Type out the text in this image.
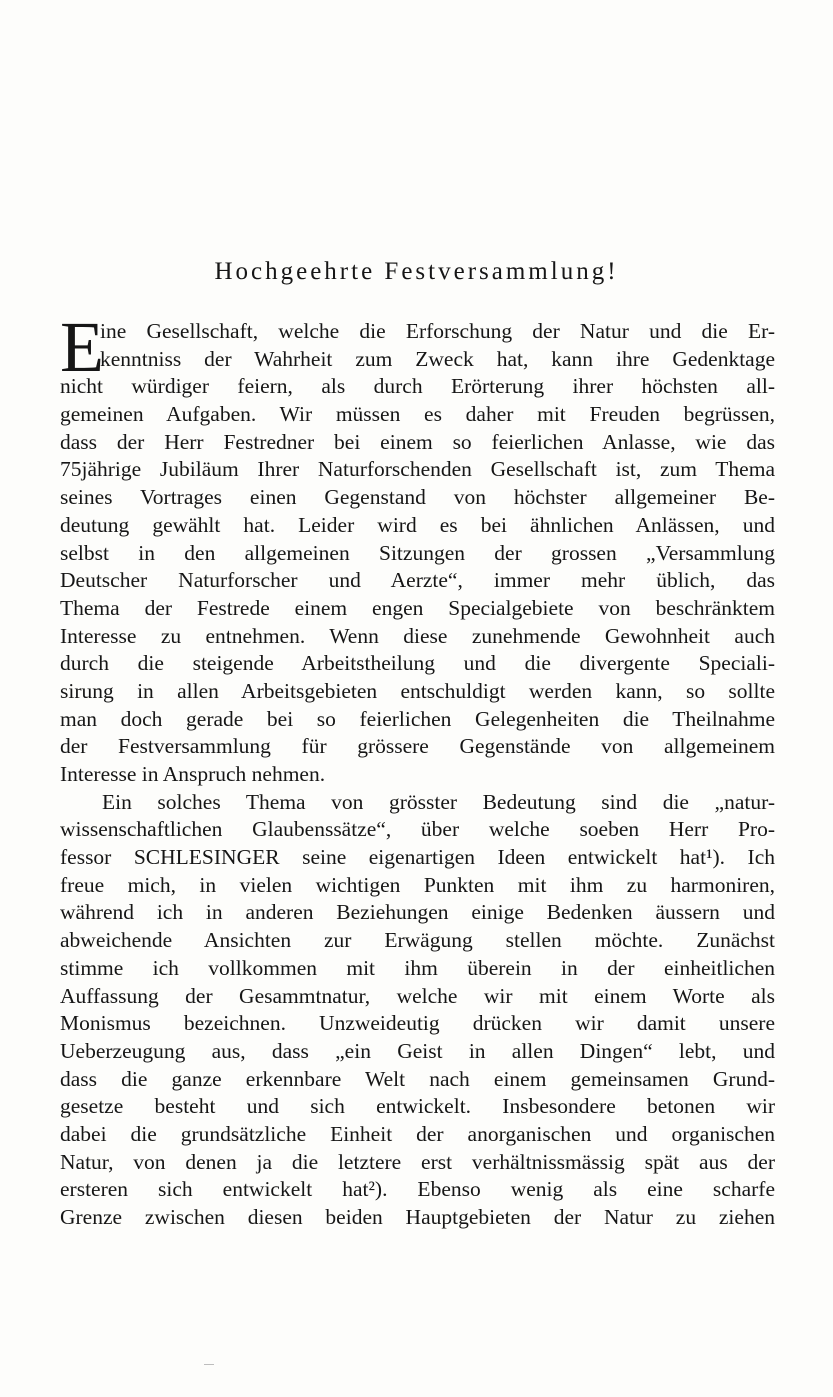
Hochgeehrte Festversammlung!
E
ine Gesellschaft, welche die Erforschung der Natur und die Er-
kenntniss der Wahrheit zum Zweck hat, kann ihre Gedenktage
nicht würdiger feiern, als durch Erörterung ihrer höchsten all-
gemeinen Aufgaben. Wir müssen es daher mit Freuden begrüssen,
dass der Herr Festredner bei einem so feierlichen Anlasse, wie das
75jährige Jubiläum Ihrer Naturforschenden Gesellschaft ist, zum Thema
seines Vortrages einen Gegenstand von höchster allgemeiner Be-
deutung gewählt hat. Leider wird es bei ähnlichen Anlässen, und
selbst in den allgemeinen Sitzungen der grossen „Versammlung
Deutscher Naturforscher und Aerzte“, immer mehr üblich, das
Thema der Festrede einem engen Specialgebiete von beschränktem
Interesse zu entnehmen. Wenn diese zunehmende Gewohnheit auch
durch die steigende Arbeitstheilung und die divergente Speciali-
sirung in allen Arbeitsgebieten entschuldigt werden kann, so sollte
man doch gerade bei so feierlichen Gelegenheiten die Theilnahme
der Festversammlung für grössere Gegenstände von allgemeinem
Interesse in Anspruch nehmen.
Ein solches Thema von grösster Bedeutung sind die „natur-
wissenschaftlichen Glaubenssätze“, über welche soeben Herr Pro-
fessor SCHLESINGER seine eigenartigen Ideen entwickelt hat¹). Ich
freue mich, in vielen wichtigen Punkten mit ihm zu harmoniren,
während ich in anderen Beziehungen einige Bedenken äussern und
abweichende Ansichten zur Erwägung stellen möchte. Zunächst
stimme ich vollkommen mit ihm überein in der einheitlichen
Auffassung der Gesammtnatur, welche wir mit einem Worte als
Monismus bezeichnen. Unzweideutig drücken wir damit unsere
Ueberzeugung aus, dass „ein Geist in allen Dingen“ lebt, und
dass die ganze erkennbare Welt nach einem gemeinsamen Grund-
gesetze besteht und sich entwickelt. Insbesondere betonen wir
dabei die grundsätzliche Einheit der anorganischen und organischen
Natur, von denen ja die letztere erst verhältnissmässig spät aus der
ersteren sich entwickelt hat²). Ebenso wenig als eine scharfe
Grenze zwischen diesen beiden Hauptgebieten der Natur zu ziehen
